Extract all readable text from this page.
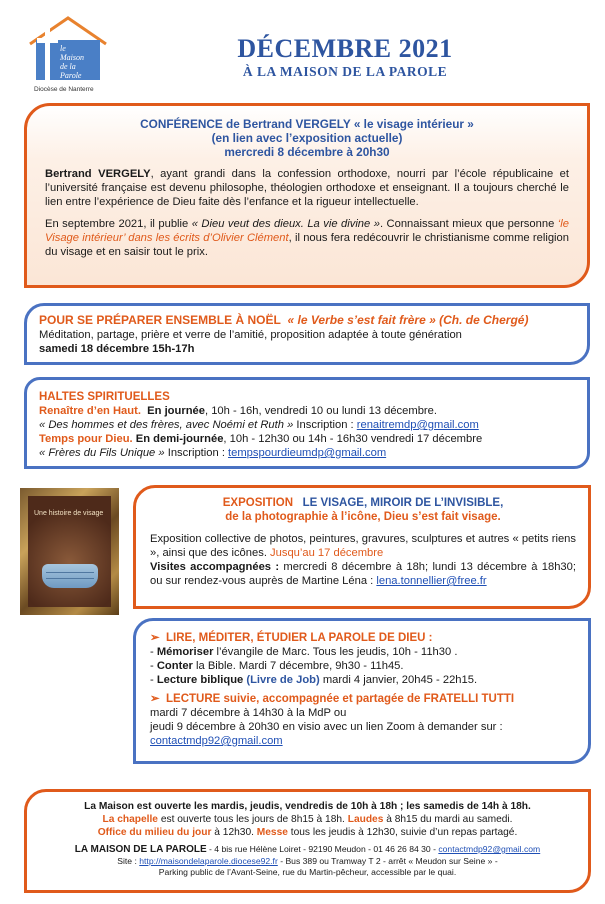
le
Maison
de la
Parole
Diocèse de Nanterre
DÉCEMBRE 2021
À LA MAISON DE LA PAROLE
CONFÉRENCE de Bertrand VERGELY « le visage intérieur »
(en lien avec l’exposition actuelle)
mercredi 8 décembre à 20h30
Bertrand VERGELY, ayant grandi dans la confession orthodoxe, nourri par l’école républicaine et l’université française est devenu philosophe, théologien orthodoxe et enseignant. Il a toujours cherché le lien entre l’expérience de Dieu faite dès l’enfance et la rigueur intellectuelle.
En septembre 2021, il publie « Dieu veut des dieux. La vie divine ». Connaissant mieux que personne ‘le Visage intérieur’ dans les écrits d’Olivier Clément, il nous fera redécouvrir le christianisme comme religion du visage et en saisir tout le prix.
POUR SE PRÉPARER ENSEMBLE À NOËL « le Verbe s’est fait frère » (Ch. de Chergé)
Méditation, partage, prière et verre de l’amitié, proposition adaptée à toute génération
samedi 18 décembre 15h-17h
HALTES SPIRITUELLES
Renaître d’en Haut. En journée, 10h - 16h, vendredi 10 ou lundi 13 décembre.
« Des hommes et des frères, avec Noémi et Ruth » Inscription : renaitremdp@gmail.com
Temps pour Dieu. En demi-journée, 10h - 12h30 ou 14h - 16h30 vendredi 17 décembre
« Frères du Fils Unique » Inscription : tempspourdieumdp@gmail.com
Une histoire de visage
EXPOSITION LE VISAGE, MIROIR DE L’INVISIBLE,
de la photographie à l’icône, Dieu s’est fait visage.
Exposition collective de photos, peintures, gravures, sculptures et autres « petits riens », ainsi que des icônes. Jusqu’au 17 décembre
Visites accompagnées : mercredi 8 décembre à 18h; lundi 13 décembre à 18h30; ou sur rendez-vous auprès de Martine Léna : lena.tonnellier@free.fr
➢ LIRE, MÉDITER, ÉTUDIER LA PAROLE DE DIEU :
- Mémoriser l’évangile de Marc. Tous les jeudis, 10h - 11h30 .
- Conter la Bible. Mardi 7 décembre, 9h30 - 11h45.
- Lecture biblique (Livre de Job) mardi 4 janvier, 20h45 - 22h15.
➢ LECTURE suivie, accompagnée et partagée de FRATELLI TUTTI
mardi 7 décembre à 14h30 à la MdP ou
jeudi 9 décembre à 20h30 en visio avec un lien Zoom à demander sur :
contactmdp92@gmail.com
La Maison est ouverte les mardis, jeudis, vendredis de 10h à 18h ; les samedis de 14h à 18h.
La chapelle est ouverte tous les jours de 8h15 à 18h. Laudes à 8h15 du mardi au samedi.
Office du milieu du jour à 12h30. Messe tous les jeudis à 12h30, suivie d’un repas partagé.
LA MAISON DE LA PAROLE - 4 bis rue Hélène Loiret - 92190 Meudon - 01 46 26 84 30 - contactmdp92@gmail.com
Site : http://maisondelaparole.diocese92.fr - Bus 389 ou Tramway T 2 - arrêt « Meudon sur Seine » -
Parking public de l’Avant-Seine, rue du Martin-pêcheur, accessible par le quai.
